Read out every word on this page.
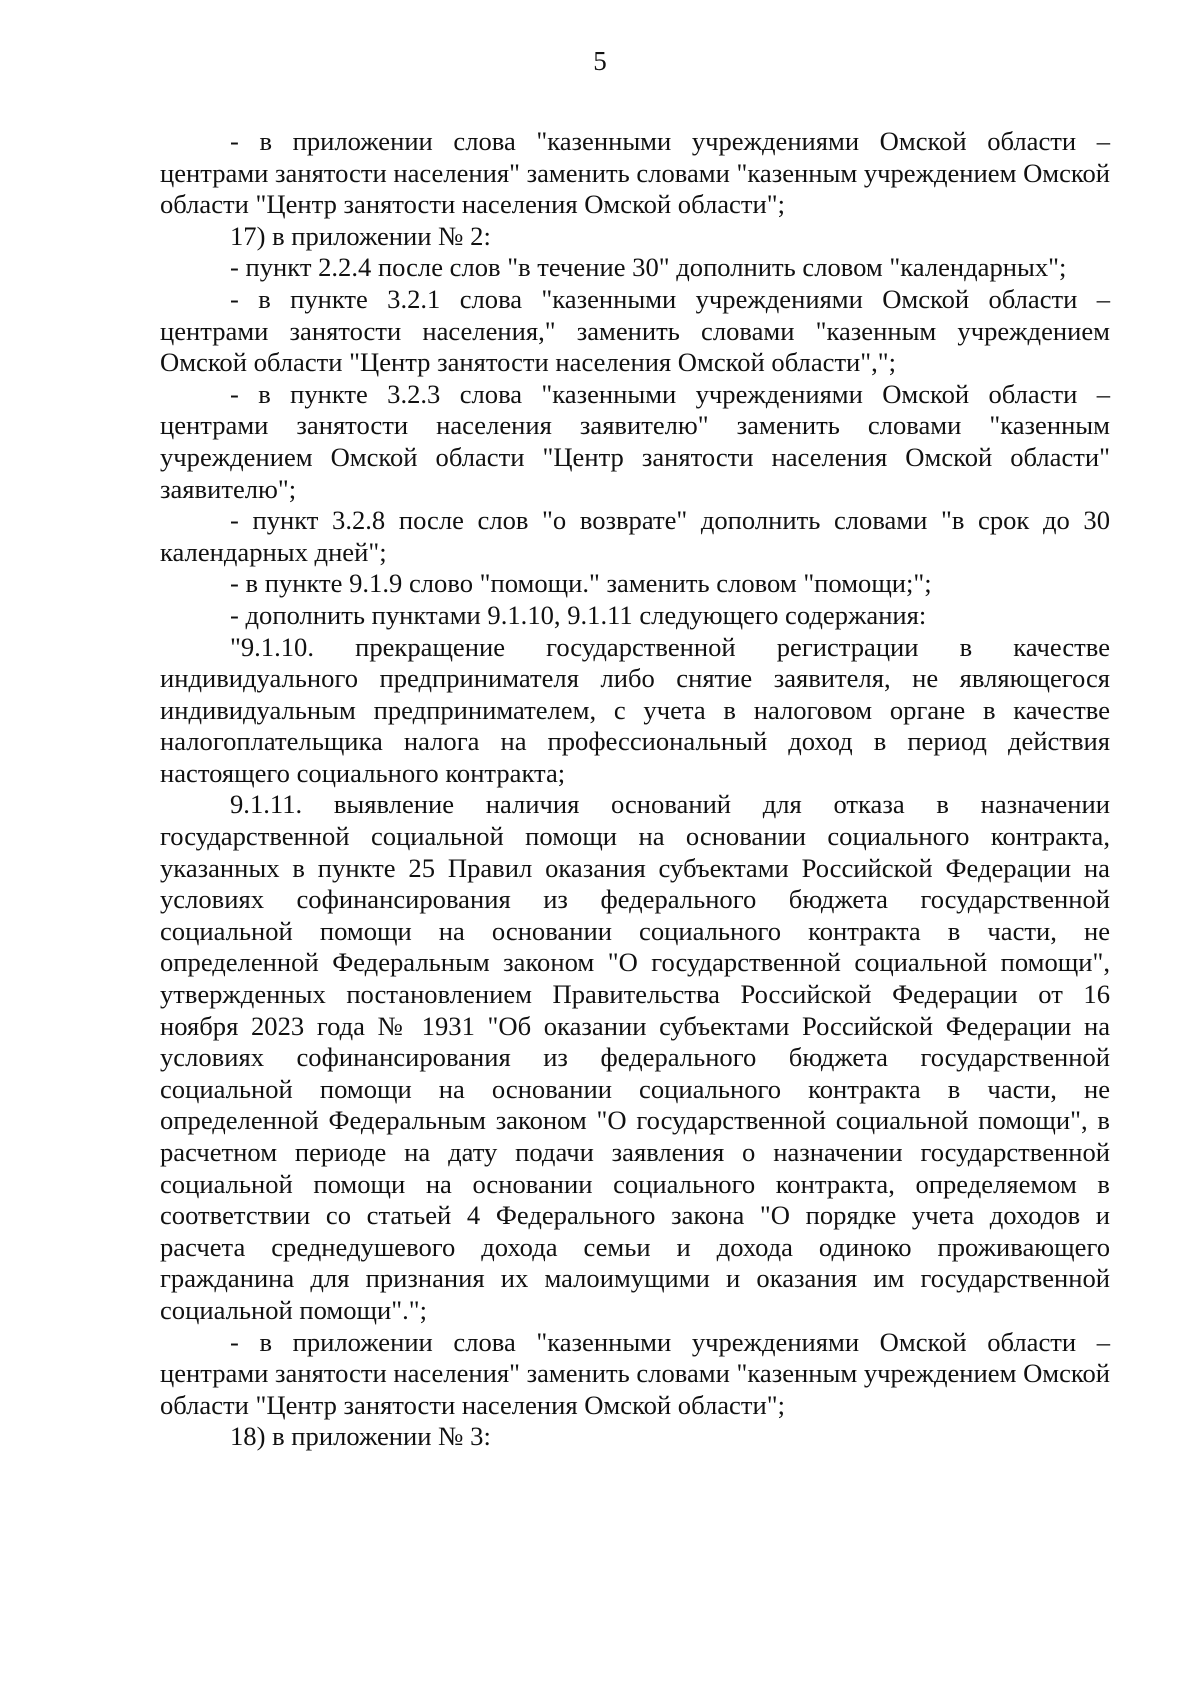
5

- в приложении слова "казенными учреждениями Омской области – центрами занятости населения" заменить словами "казенным учреждением Омской области "Центр занятости населения Омской области";

17) в приложении № 2:

- пункт 2.2.4 после слов "в течение 30" дополнить словом "календарных";

- в пункте 3.2.1 слова "казенными учреждениями Омской области – центрами занятости населения," заменить словами "казенным учреждением Омской области "Центр занятости населения Омской области",";

- в пункте 3.2.3 слова "казенными учреждениями Омской области – центрами занятости населения заявителю" заменить словами "казенным учреждением Омской области "Центр занятости населения Омской области" заявителю";

- пункт 3.2.8 после слов "о возврате" дополнить словами "в срок до 30 календарных дней";

- в пункте 9.1.9 слово "помощи." заменить словом "помощи;";

- дополнить пунктами 9.1.10, 9.1.11 следующего содержания:

"9.1.10. прекращение государственной регистрации в качестве индивидуального предпринимателя либо снятие заявителя, не являющегося индивидуальным предпринимателем, с учета в налоговом органе в качестве налогоплательщика налога на профессиональный доход в период действия настоящего социального контракта;

9.1.11. выявление наличия оснований для отказа в назначении государственной социальной помощи на основании социального контракта, указанных в пункте 25 Правил оказания субъектами Российской Федерации на условиях софинансирования из федерального бюджета государственной социальной помощи на основании социального контракта в части, не определенной Федеральным законом "О государственной социальной помощи", утвержденных постановлением Правительства Российской Федерации от 16 ноября 2023 года № 1931 "Об оказании субъектами Российской Федерации на условиях софинансирования из федерального бюджета государственной социальной помощи на основании социального контракта в части, не определенной Федеральным законом "О государственной социальной помощи", в расчетном периоде на дату подачи заявления о назначении государственной социальной помощи на основании социального контракта, определяемом в соответствии со статьей 4 Федерального закона "О порядке учета доходов и расчета среднедушевого дохода семьи и дохода одиноко проживающего гражданина для признания их малоимущими и оказания им государственной социальной помощи".";

- в приложении слова "казенными учреждениями Омской области – центрами занятости населения" заменить словами "казенным учреждением Омской области "Центр занятости населения Омской области";

18) в приложении № 3:
